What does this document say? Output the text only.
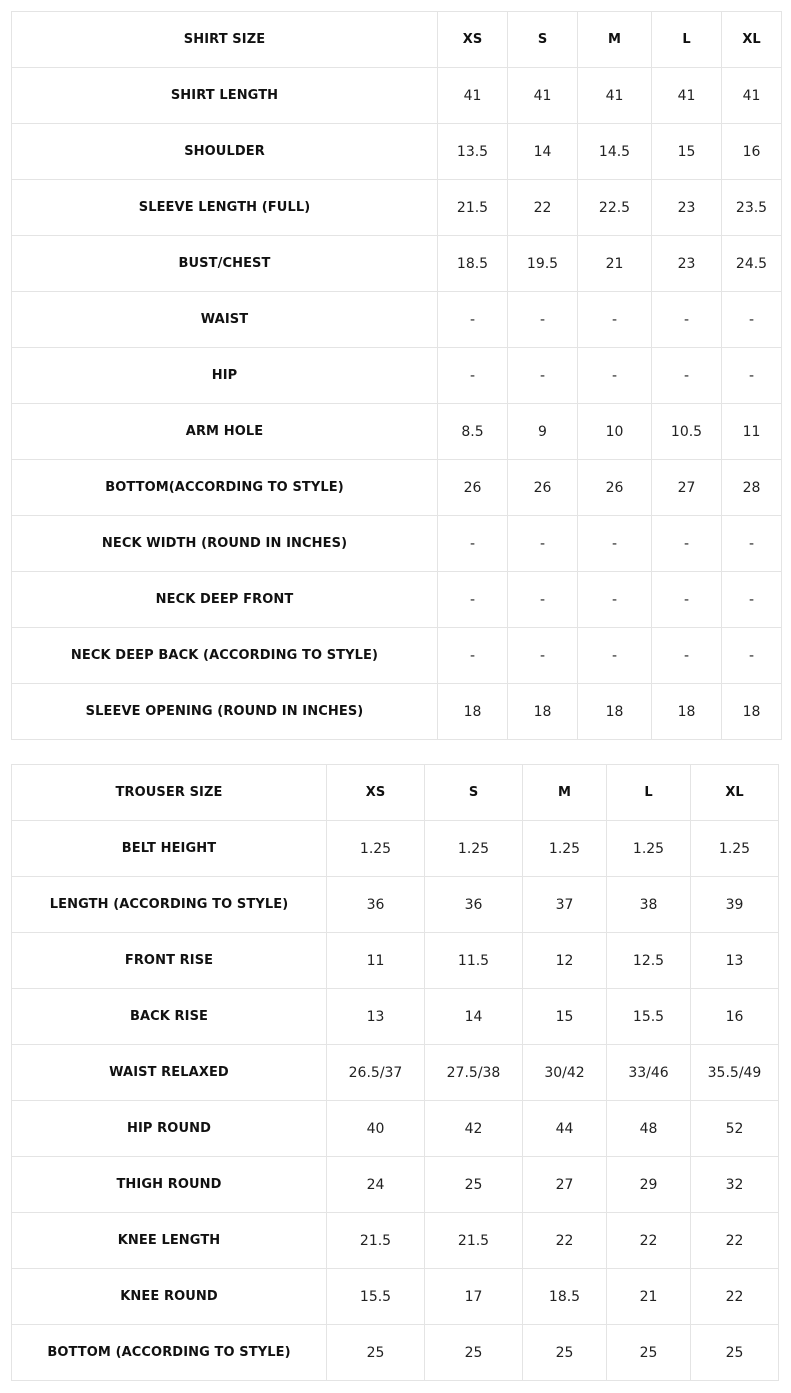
SHIRT SIZE	XS	S	M	L	XL
SHIRT LENGTH	41	41	41	41	41
SHOULDER	13.5	14	14.5	15	16
SLEEVE LENGTH (FULL)	21.5	22	22.5	23	23.5
BUST/CHEST	18.5	19.5	21	23	24.5
WAIST	-	-	-	-	-
HIP	-	-	-	-	-
ARM HOLE	8.5	9	10	10.5	11
BOTTOM(ACCORDING TO STYLE)	26	26	26	27	28
NECK WIDTH (ROUND IN INCHES)	-	-	-	-	-
NECK DEEP FRONT	-	-	-	-	-
NECK DEEP BACK (ACCORDING TO STYLE)	-	-	-	-	-
SLEEVE OPENING (ROUND IN INCHES)	18	18	18	18	18
TROUSER SIZE	XS	S	M	L	XL
BELT HEIGHT	1.25	1.25	1.25	1.25	1.25
LENGTH (ACCORDING TO STYLE)	36	36	37	38	39
FRONT RISE	11	11.5	12	12.5	13
BACK RISE	13	14	15	15.5	16
WAIST RELAXED	26.5/37	27.5/38	30/42	33/46	35.5/49
HIP ROUND	40	42	44	48	52
THIGH ROUND	24	25	27	29	32
KNEE LENGTH	21.5	21.5	22	22	22
KNEE ROUND	15.5	17	18.5	21	22
BOTTOM (ACCORDING TO STYLE)	25	25	25	25	25
